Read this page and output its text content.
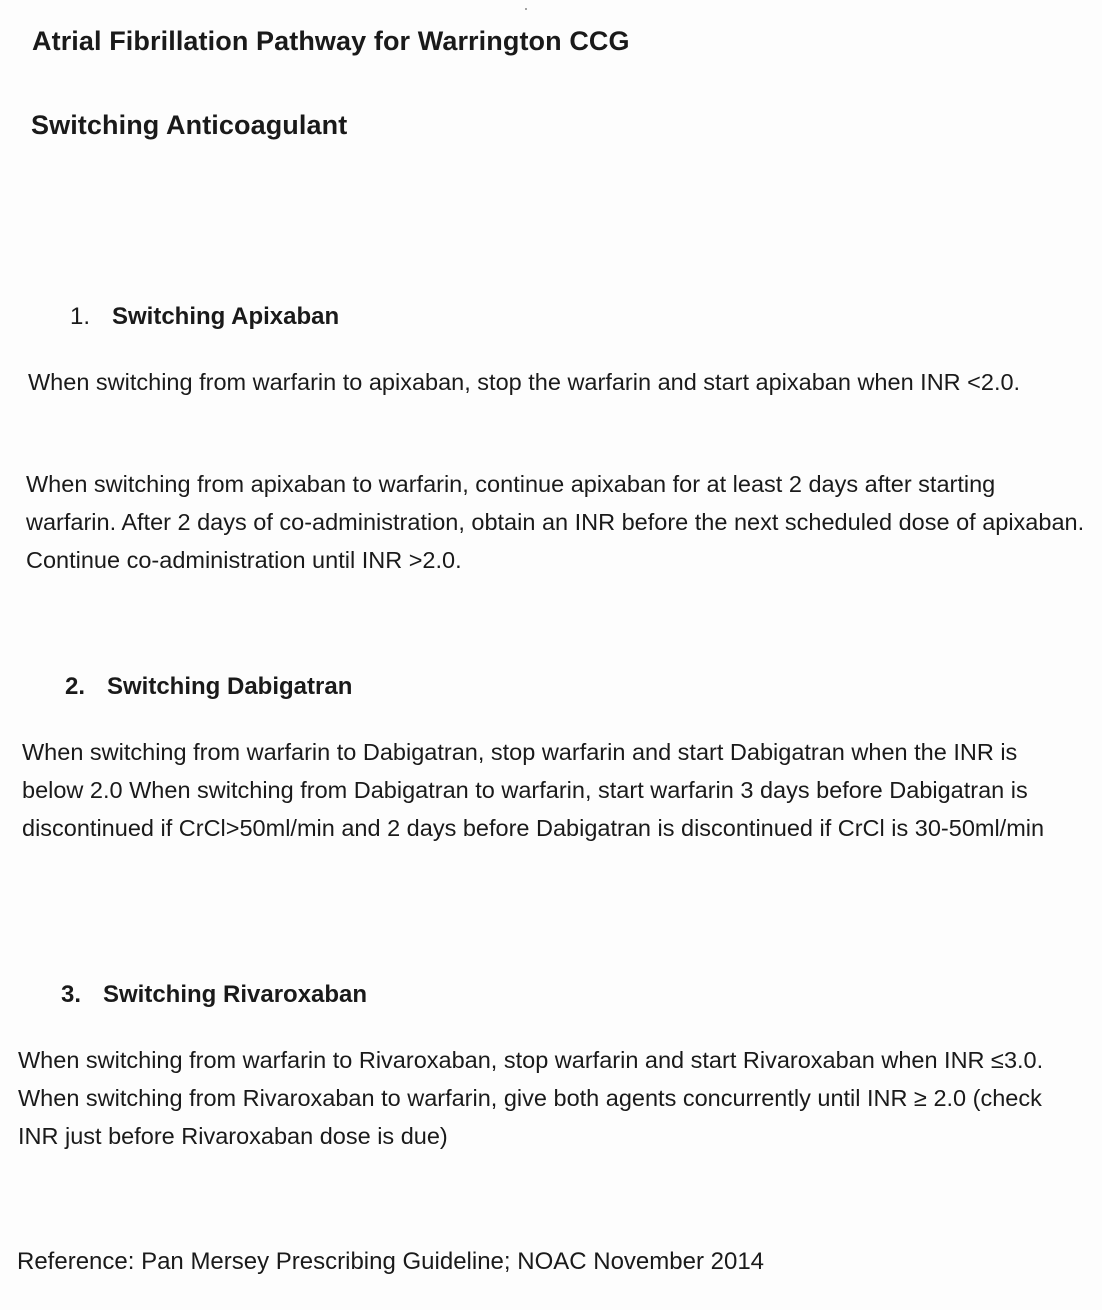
Atrial Fibrillation Pathway for Warrington CCG
Switching Anticoagulant
1. Switching Apixaban

When switching from warfarin to apixaban, stop the warfarin and start apixaban when INR <2.0.

When switching from apixaban to warfarin, continue apixaban for at least 2 days after starting warfarin. After 2 days of co-administration, obtain an INR before the next scheduled dose of apixaban. Continue co-administration until INR >2.0.

2. Switching Dabigatran

When switching from warfarin to Dabigatran, stop warfarin and start Dabigatran when the INR is below 2.0 When switching from Dabigatran to warfarin, start warfarin 3 days before Dabigatran is discontinued if CrCl>50ml/min and 2 days before Dabigatran is discontinued if CrCl is 30-50ml/min

3. Switching Rivaroxaban

When switching from warfarin to Rivaroxaban, stop warfarin and start Rivaroxaban when INR ≤3.0. When switching from Rivaroxaban to warfarin, give both agents concurrently until INR ≥ 2.0 (check INR just before Rivaroxaban dose is due)

Reference: Pan Mersey Prescribing Guideline; NOAC November 2014
